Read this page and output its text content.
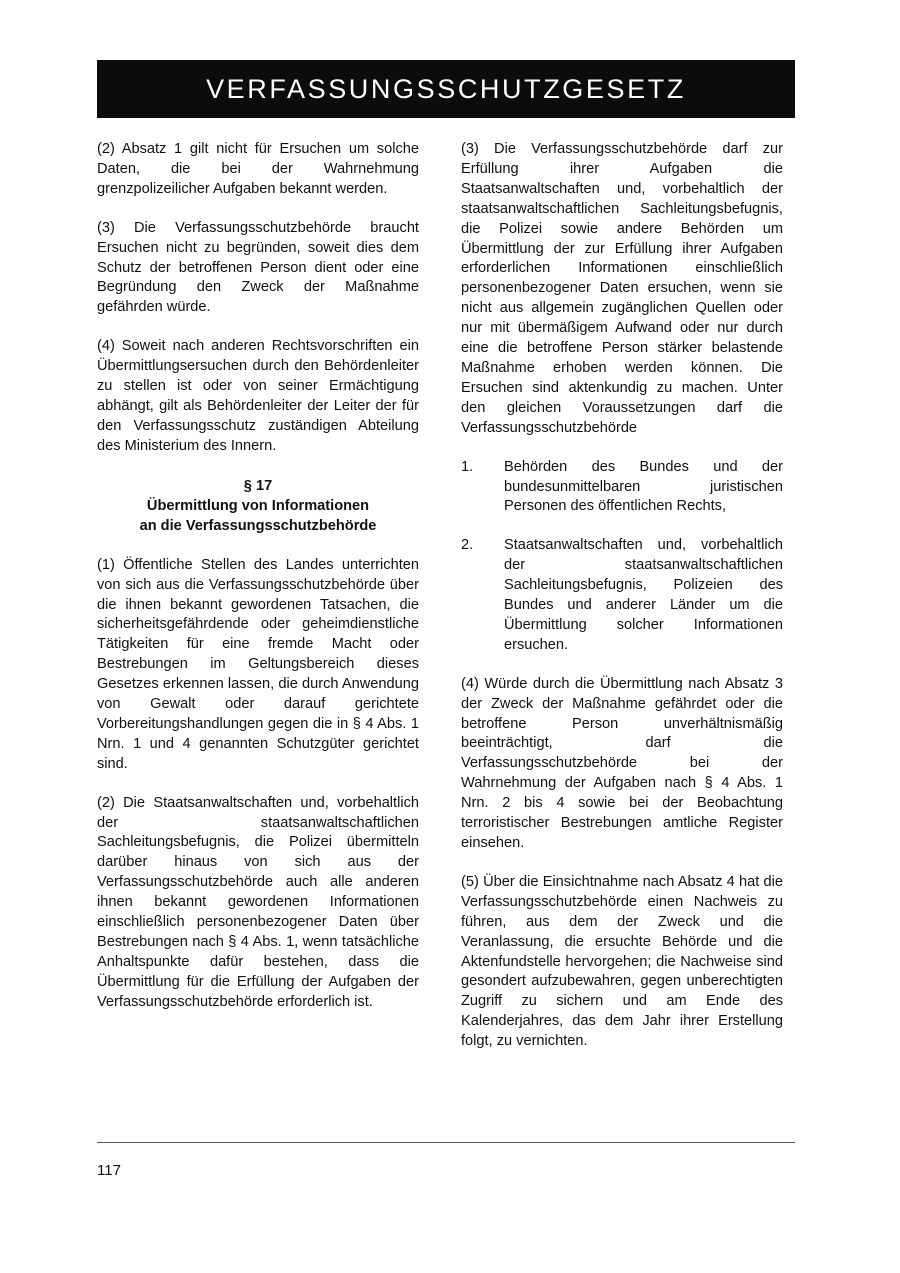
VERFASSUNGSSCHUTZGESETZ

(2) Absatz 1 gilt nicht für Ersuchen um solche Daten, die bei der Wahrnehmung grenzpolizeilicher Aufgaben bekannt werden.

(3) Die Verfassungsschutzbehörde braucht Ersuchen nicht zu begründen, soweit dies dem Schutz der betroffenen Person dient oder eine Begründung den Zweck der Maßnahme gefährden würde.

(4) Soweit nach anderen Rechtsvorschriften ein Übermittlungsersuchen durch den Behördenleiter zu stellen ist oder von seiner Ermächtigung abhängt, gilt als Behördenleiter der Leiter der für den Verfassungsschutz zuständigen Abteilung des Ministerium des Innern.

§ 17
Übermittlung von Informationen
an die Verfassungsschutzbehörde

(1) Öffentliche Stellen des Landes unterrichten von sich aus die Verfassungsschutzbehörde über die ihnen bekannt gewordenen Tatsachen, die sicherheitsgefährdende oder geheimdienstliche Tätigkeiten für eine fremde Macht oder Bestrebungen im Geltungsbereich dieses Gesetzes erkennen lassen, die durch Anwendung von Gewalt oder darauf gerichtete Vorbereitungshandlungen gegen die in § 4 Abs. 1 Nrn. 1 und 4 genannten Schutzgüter gerichtet sind.

(2) Die Staatsanwaltschaften und, vorbehaltlich der staatsanwaltschaftlichen Sachleitungsbefugnis, die Polizei übermitteln darüber hinaus von sich aus der Verfassungsschutzbehörde auch alle anderen ihnen bekannt gewordenen Informationen einschließlich personenbezogener Daten über Bestrebungen nach § 4 Abs. 1, wenn tatsächliche Anhaltspunkte dafür bestehen, dass die Übermittlung für die Erfüllung der Aufgaben der Verfassungsschutzbehörde erforderlich ist.

(3) Die Verfassungsschutzbehörde darf zur Erfüllung ihrer Aufgaben die Staatsanwaltschaften und, vorbehaltlich der staatsanwaltschaftlichen Sachleitungsbefugnis, die Polizei sowie andere Behörden um Übermittlung der zur Erfüllung ihrer Aufgaben erforderlichen Informationen einschließlich personenbezogener Daten ersuchen, wenn sie nicht aus allgemein zugänglichen Quellen oder nur mit übermäßigem Aufwand oder nur durch eine die betroffene Person stärker belastende Maßnahme erhoben werden können. Die Ersuchen sind aktenkundig zu machen. Unter den gleichen Voraussetzungen darf die Verfassungsschutzbehörde

1.	Behörden des Bundes und der bundesunmittelbaren juristischen Personen des öffentlichen Rechts,
2.	Staatsanwaltschaften und, vorbehaltlich der staatsanwaltschaftlichen Sachleitungsbefugnis, Polizeien des Bundes und anderer Länder um die Übermittlung solcher Informationen ersuchen.

(4) Würde durch die Übermittlung nach Absatz 3 der Zweck der Maßnahme gefährdet oder die betroffene Person unverhältnismäßig beeinträchtigt, darf die Verfassungsschutzbehörde bei der Wahrnehmung der Aufgaben nach § 4 Abs. 1 Nrn. 2 bis 4 sowie bei der Beobachtung terroristischer Bestrebungen amtliche Register einsehen.

(5) Über die Einsichtnahme nach Absatz 4 hat die Verfassungsschutzbehörde einen Nachweis zu führen, aus dem der Zweck und die Veranlassung, die ersuchte Behörde und die Aktenfundstelle hervorgehen; die Nachweise sind gesondert aufzubewahren, gegen unberechtigten Zugriff zu sichern und am Ende des Kalenderjahres, das dem Jahr ihrer Erstellung folgt, zu vernichten.

117
